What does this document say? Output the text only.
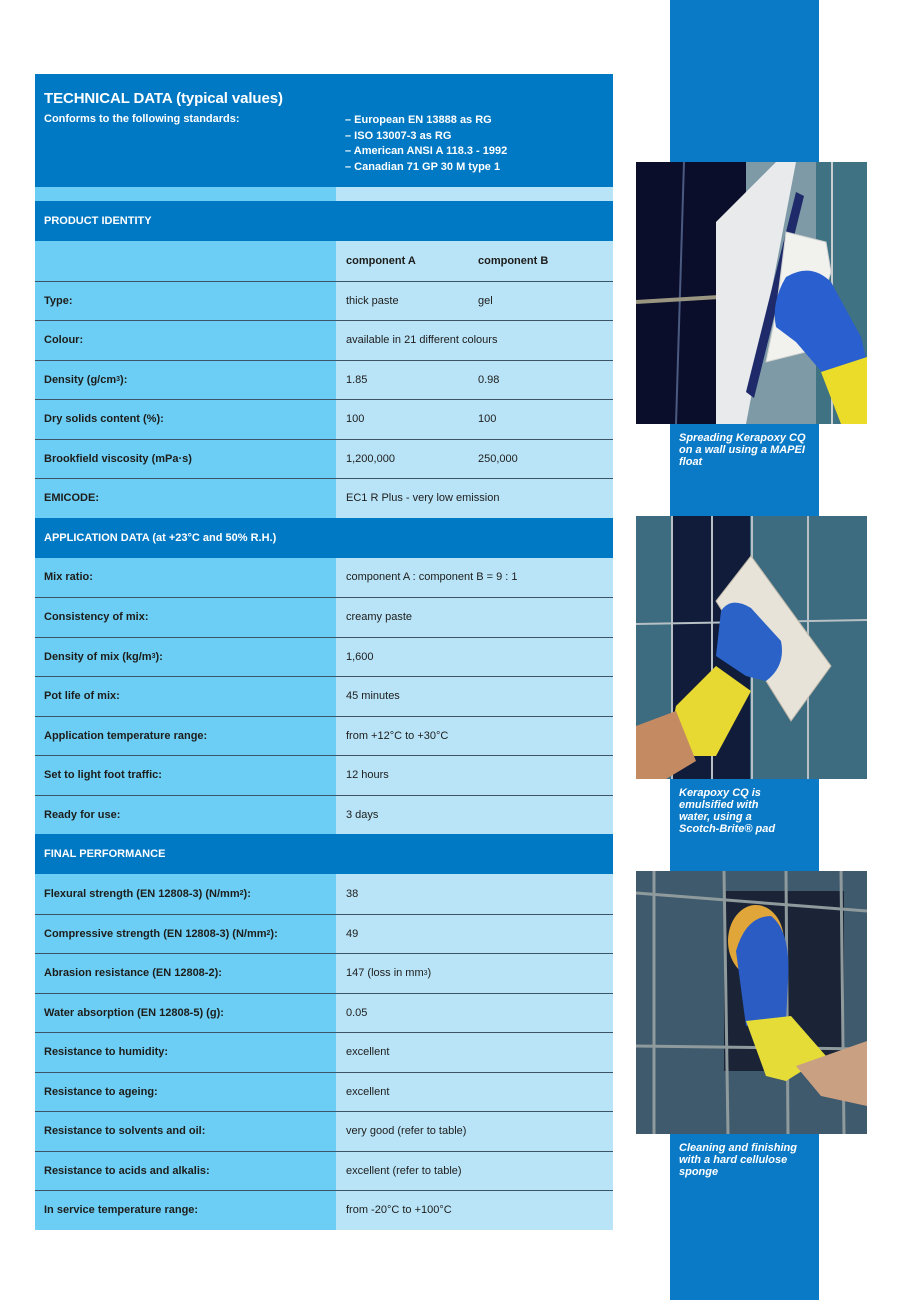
TECHNICAL DATA (typical values)
Conforms to the following standards:	– European EN 13888 as RG
– ISO 13007-3 as RG
– American ANSI A 118.3 - 1992
– Canadian 71 GP 30 M type 1
PRODUCT IDENTITY
component A	component B
Type:	thick paste	gel
Colour:	available in 21 different colours
Density (g/cm 3 ):	1.85	0.98
Dry solids content (%):	100	100
Brookfield viscosity (mPa·s)	1,200,000	250,000
EMICODE:	EC1 R Plus - very low emission
APPLICATION DATA (at +23°C and 50% R.H.)
Mix ratio:	component A : component B = 9 : 1
Consistency of mix:	creamy paste
Density of mix (kg/m 3 ):	1,600
Pot life of mix:	45 minutes
Application temperature range:	from +12°C to +30°C
Set to light foot traffic:	12 hours
Ready for use:	3 days
FINAL PERFORMANCE
Flexural strength (EN 12808-3) (N/mm 2 ):	38
Compressive strength (EN 12808-3) (N/mm 2 ):	49
Abrasion resistance (EN 12808-2):	147 (loss in mm 3 )
Water absorption (EN 12808-5) (g):	0.05
Resistance to humidity:	excellent
Resistance to ageing:	excellent
Resistance to solvents and oil:	very good (refer to table)
Resistance to acids and alkalis:	excellent (refer to table)
In service temperature range:	from -20°C to +100°C
Spreading Kerapoxy CQ
on a wall using a MAPEI
float
Kerapoxy CQ is
emulsified with
water, using a
Scotch-Brite® pad
Cleaning and finishing
with a hard cellulose
sponge
